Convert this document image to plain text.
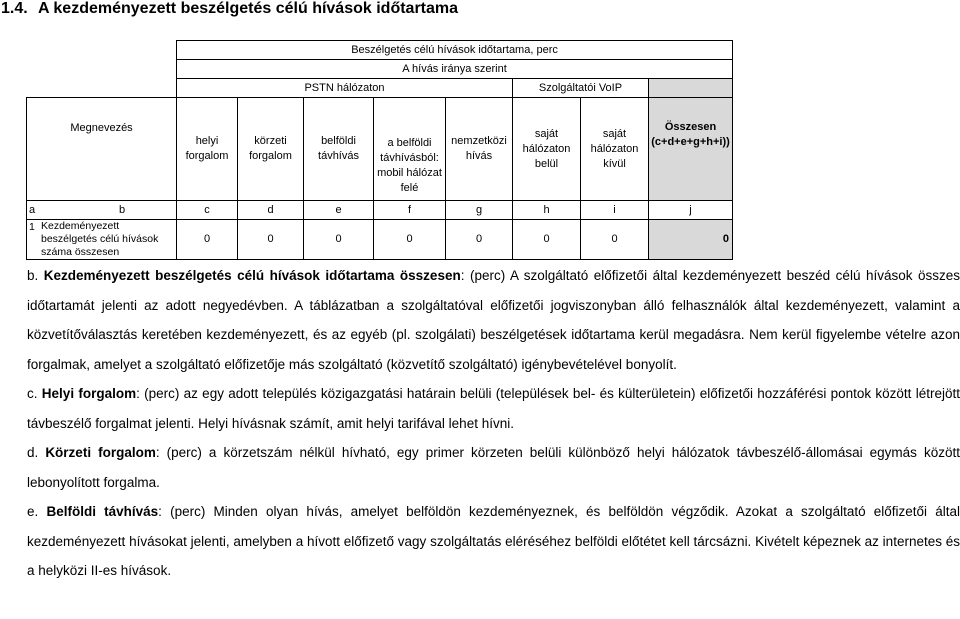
1.4. A kezdeményezett beszélgetés célú hívások időtartama
	Beszélgetés célú hívások időtartama, perc							
	A hívás iránya szerint							
	PSTN hálózaton					Szolgáltatói VoIP		
Megnevezés	helyi forgalom	körzeti forgalom	belföldi távhívás	a belföldi távhívásból: mobil hálózat felé	nemzetközi hívás	saját hálózaton belül	saját hálózaton kívül	Összesen (c+d+e+g+h+i))
a b	c	d	e	f	g	h	i	j

1 Kezdeményezett beszélgetés célú hívások száma összesen	0	0	0	0	0	0	0	0

b. Kezdeményezett beszélgetés célú hívások időtartama összesen: (perc) A szolgáltató előfizetői által kezdeményezett beszéd célú hívások összes időtartamát jelenti az adott negyedévben. A táblázatban a szolgáltatóval előfizetői jogviszonyban álló felhasználók által kezdeményezett, valamint a közvetítőválasztás keretében kezdeményezett, és az egyéb (pl. szolgálati) beszélgetések időtartama kerül megadásra. Nem kerül figyelembe vételre azon forgalmak, amelyet a szolgáltató előfizetője más szolgáltató (közvetítő szolgáltató) igénybevételével bonyolít.

c. Helyi forgalom: (perc) az egy adott település közigazgatási határain belüli (települések bel- és külterületein) előfizetői hozzáférési pontok között létrejött távbeszélő forgalmat jelenti. Helyi hívásnak számít, amit helyi tarifával lehet hívni.

d. Körzeti forgalom: (perc) a körzetszám nélkül hívható, egy primer körzeten belüli különböző helyi hálózatok távbeszélő-állomásai egymás között lebonyolított forgalma.

e. Belföldi távhívás: (perc) Minden olyan hívás, amelyet belföldön kezdeményeznek, és belföldön végződik. Azokat a szolgáltató előfizetői által kezdeményezett hívásokat jelenti, amelyben a hívott előfizető vagy szolgáltatás eléréséhez belföldi előtétet kell tárcsázni. Kivételt képeznek az internetes és a helyközi II-es hívások.
